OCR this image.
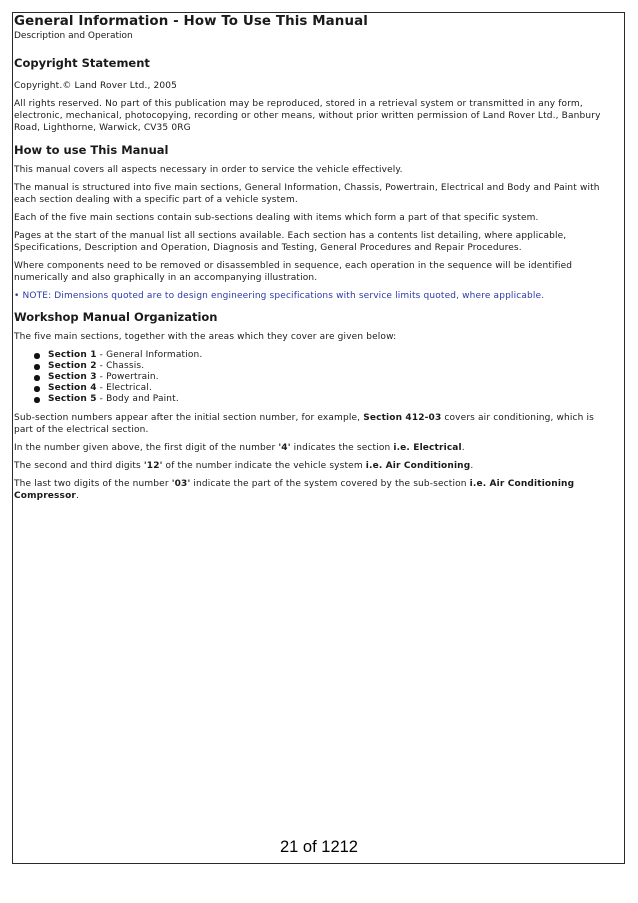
General Information - How To Use This Manual
Description and Operation
Copyright Statement
Copyright.© Land Rover Ltd., 2005
All rights reserved. No part of this publication may be reproduced, stored in a retrieval system or transmitted in any form, electronic, mechanical, photocopying, recording or other means, without prior written permission of Land Rover Ltd., Banbury Road, Lighthorne, Warwick, CV35 0RG
How to use This Manual
This manual covers all aspects necessary in order to service the vehicle effectively.
The manual is structured into five main sections, General Information, Chassis, Powertrain, Electrical and Body and Paint with each section dealing with a specific part of a vehicle system.
Each of the five main sections contain sub-sections dealing with items which form a part of that specific system.
Pages at the start of the manual list all sections available. Each section has a contents list detailing, where applicable, Specifications, Description and Operation, Diagnosis and Testing, General Procedures and Repair Procedures.
Where components need to be removed or disassembled in sequence, each operation in the sequence will be identified numerically and also graphically in an accompanying illustration.
• NOTE: Dimensions quoted are to design engineering specifications with service limits quoted, where applicable.
Workshop Manual Organization
The five main sections, together with the areas which they cover are given below:
Section 1 - General Information.
Section 2 - Chassis.
Section 3 - Powertrain.
Section 4 - Electrical.
Section 5 - Body and Paint.
Sub-section numbers appear after the initial section number, for example, Section 412-03 covers air conditioning, which is part of the electrical section.
In the number given above, the first digit of the number '4' indicates the section i.e. Electrical.
The second and third digits '12' of the number indicate the vehicle system i.e. Air Conditioning.
The last two digits of the number '03' indicate the part of the system covered by the sub-section i.e. Air Conditioning Compressor.
21 of 1212
